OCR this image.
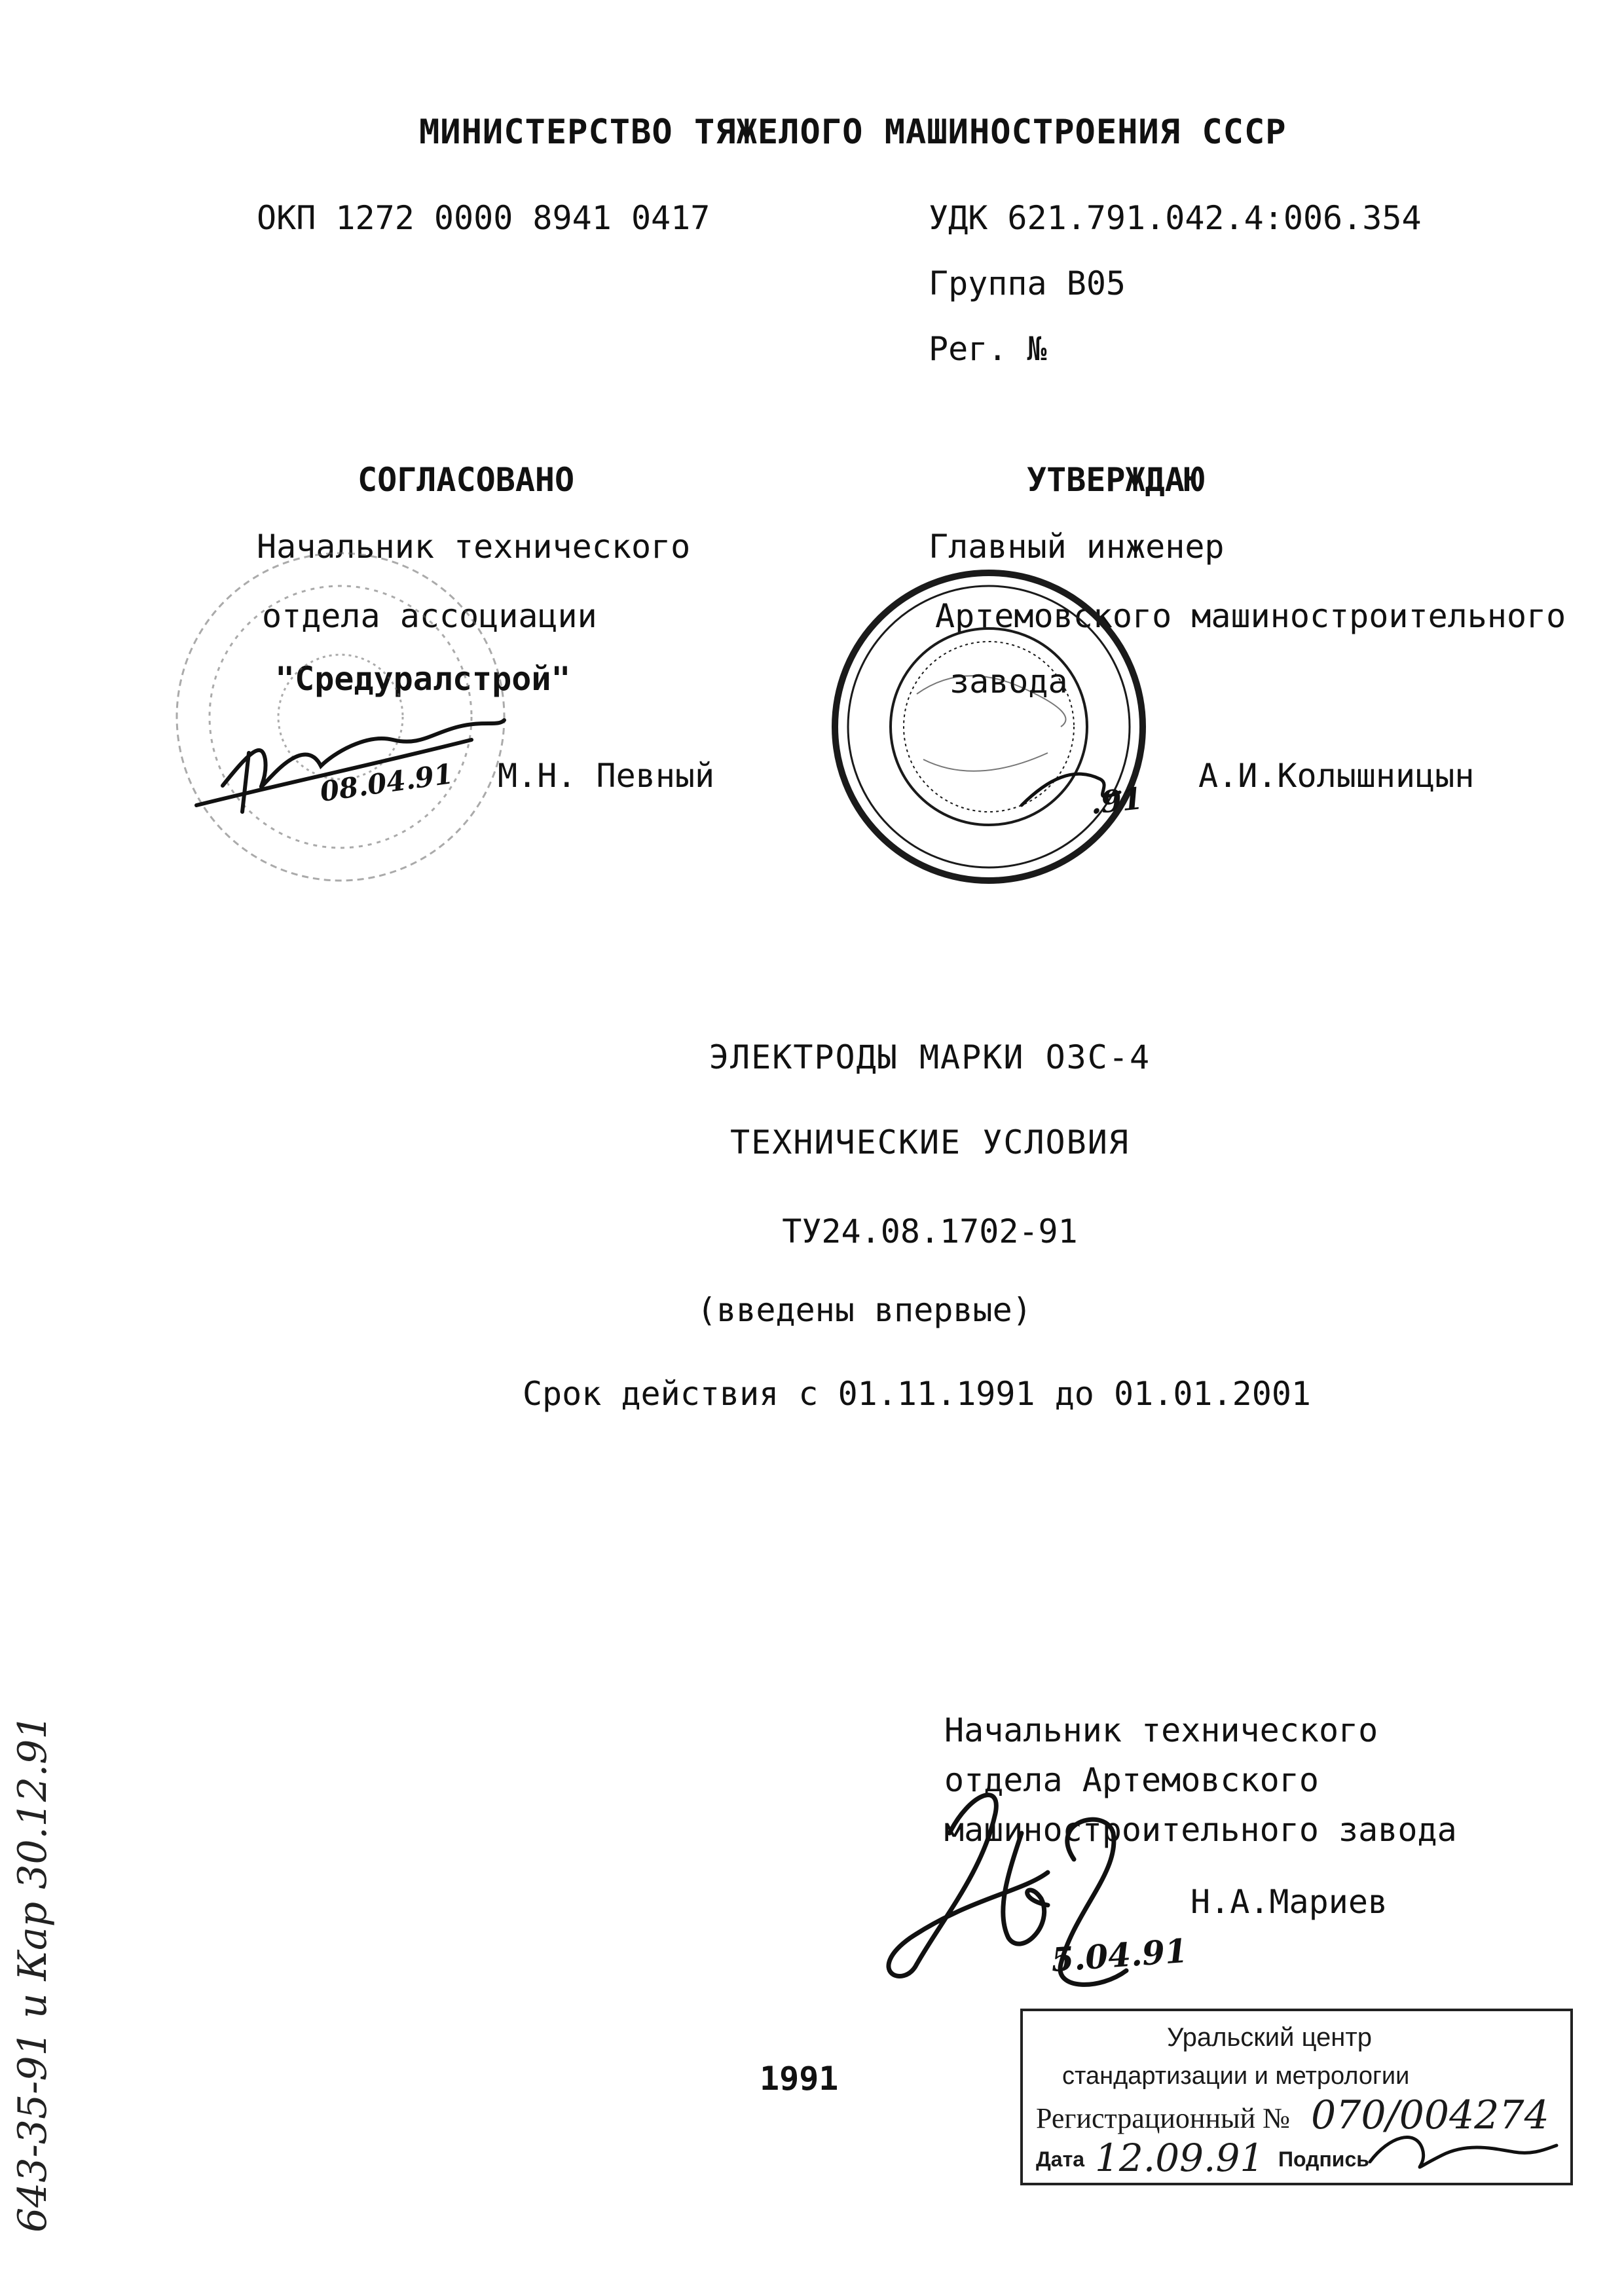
МИНИСТЕРСТВО ТЯЖЕЛОГО МАШИНОСТРОЕНИЯ СССР
ОКП 1272 0000 8941 0417	УДК 621.791.042.4:006.354
Группа В05
Рег. №
СОГЛАСОВАНО
Начальник технического
отдела ассоциации
"Средуралстрой"
М.Н. Певный
УТВЕРЖДАЮ
Главный инженер
Артемовского машиностроительного
завода
А.И.Колышницын
ЭЛЕКТРОДЫ МАРКИ ОЗС-4
ТЕХНИЧЕСКИЕ УСЛОВИЯ
ТУ24.08.1702-91
(введены впервые)
Срок действия с 01.11.1991 до 01.01.2001
Начальник технического
отдела Артемовского
машиностроительного завода
Н.А.Мариев
1991
643-35-91 и Кар 30.12.91
08.04.91	.91
5.04.91
Уральский центр
стандартизации и метрологии
Регистрационный № 070/004274
Дата 12.09.91 Подпись
